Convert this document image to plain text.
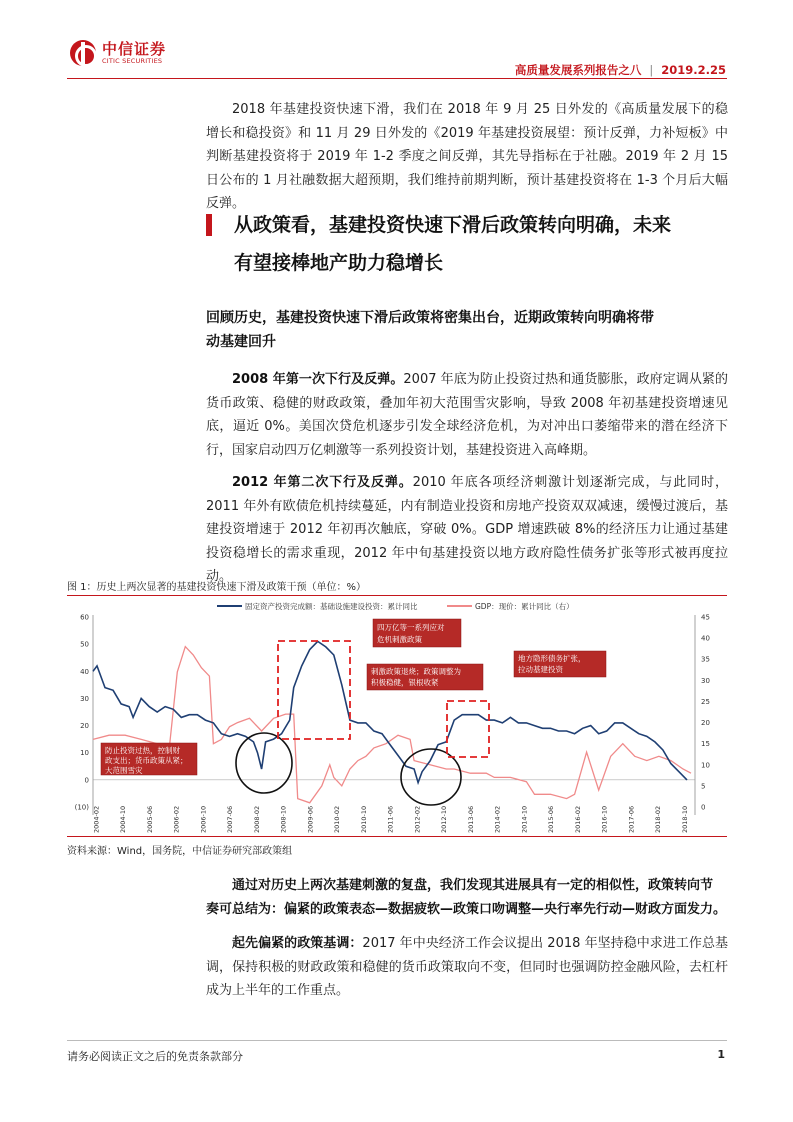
中信证券
CITIC SECURITIES
高质量发展系列报告之八 | 2019.2.25

2018 年基建投资快速下滑，我们在 2018 年 9 月 25 日外发的《高质量发展下的稳增长和稳投资》和 11 月 29 日外发的《2019 年基建投资展望：预计反弹，力补短板》中判断基建投资将于 2019 年 1-2 季度之间反弹，其先导指标在于社融。2019 年 2 月 15 日公布的 1 月社融数据大超预期，我们维持前期判断，预计基建投资将在 1-3 个月后大幅反弹。

从政策看，基建投资快速下滑后政策转向明确，未来
有望接棒地产助力稳增长
回顾历史，基建投资快速下滑后政策将密集出台，近期政策转向明确将带
动基建回升

2008 年第一次下行及反弹。2007 年底为防止投资过热和通货膨胀，政府定调从紧的货币政策、稳健的财政政策，叠加年初大范围雪灾影响，导致 2008 年初基建投资增速见底，逼近 0%。美国次贷危机逐步引发全球经济危机，为对冲出口萎缩带来的潜在经济下行，国家启动四万亿刺激等一系列投资计划，基建投资进入高峰期。

2012 年第二次下行及反弹。2010 年底各项经济刺激计划逐渐完成，与此同时，2011 年外有欧债危机持续蔓延，内有制造业投资和房地产投资双双减速，缓慢过渡后，基建投资增速于 2012 年初再次触底，穿破 0%。GDP 增速跌破 8%的经济压力让通过基建投资稳增长的需求重现，2012 年中旬基建投资以地方政府隐性债务扩张等形式被再度拉动。

图 1：历史上两次显著的基建投资快速下滑及政策干预（单位：%）
固定资产投资完成额：基础设施建设投资：累计同比	GDP：现价：累计同比（右）
60
50
40
30
20
10
0
(10)
45
40
35
30
25
20
15
10
5
0
2004-02	2004-10	2005-06	2006-02	2006-10	2007-06	2008-02	2008-10	2009-06	2010-02	2010-10	2011-06	2012-02	2012-10	2013-06	2014-02	2014-10	2015-06	2016-02	2016-10	2017-06	2018-02	2018-10
防止投资过热，控制财
政支出；货币政策从紧；
大范围雪灾
四万亿等一系列应对
危机刺激政策
刺激政策退烧；政策调整为
积极稳健，银根收紧
地方隐形债务扩张，
拉动基建投资
资料来源：Wind，国务院，中信证券研究部政策组
通过对历史上两次基建刺激的复盘，我们发现其进展具有一定的相似性，政策转向节
奏可总结为：偏紧的政策表态—数据疲软—政策口吻调整—央行率先行动—财政方面发力。

起先偏紧的政策基调：2017 年中央经济工作会议提出 2018 年坚持稳中求进工作总基调，保持积极的财政政策和稳健的货币政策取向不变，但同时也强调防控金融风险，去杠杆成为上半年的工作重点。

请务必阅读正文之后的免责条款部分	1
